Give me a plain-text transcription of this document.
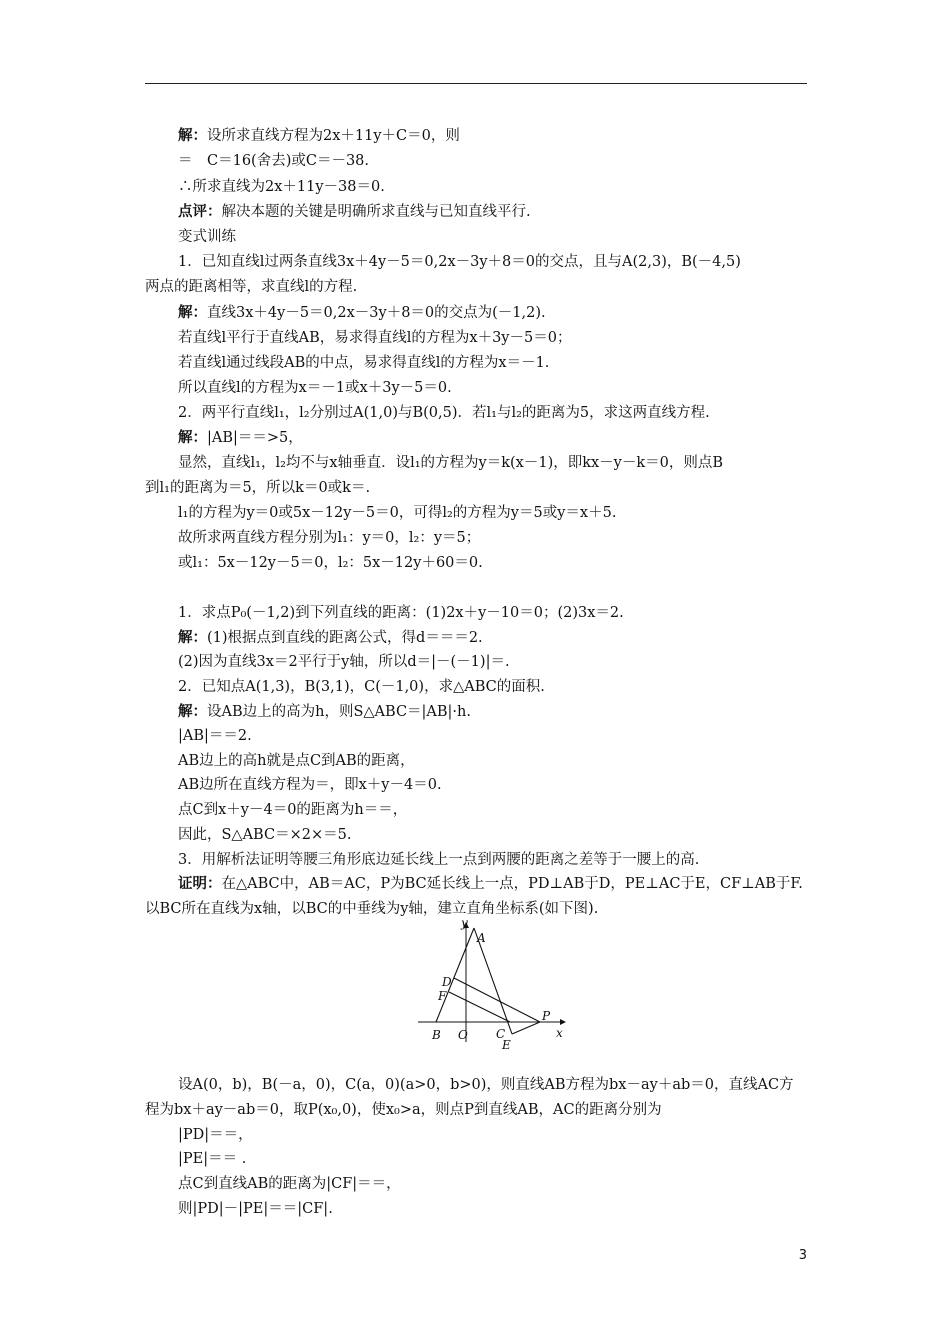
解：设所求直线方程为2x＋11y＋C＝0，则
＝　C＝16(舍去)或C＝－38.
∴所求直线为2x＋11y－38＝0.
点评：解决本题的关键是明确所求直线与已知直线平行.
变式训练
1．已知直线l过两条直线3x＋4y－5＝0,2x－3y＋8＝0的交点，且与A(2,3)，B(－4,5)
两点的距离相等，求直线l的方程.
解：直线3x＋4y－5＝0,2x－3y＋8＝0的交点为(－1,2).
若直线l平行于直线AB，易求得直线l的方程为x＋3y－5＝0；
若直线l通过线段AB的中点，易求得直线l的方程为x＝－1.
所以直线l的方程为x＝－1或x＋3y－5＝0.
2．两平行直线l₁，l₂分别过A(1,0)与B(0,5)．若l₁与l₂的距离为5，求这两直线方程.
解：|AB|＝＝>5，
显然，直线l₁，l₂均不与x轴垂直．设l₁的方程为y＝k(x－1)，即kx－y－k＝0，则点B
到l₁的距离为＝5，所以k＝0或k＝.
l₁的方程为y＝0或5x－12y－5＝0，可得l₂的方程为y＝5或y＝x＋5.
故所求两直线方程分别为l₁：y＝0，l₂：y＝5；
或l₁：5x－12y－5＝0，l₂：5x－12y＋60＝0.
1．求点P₀(－1,2)到下列直线的距离：(1)2x＋y－10＝0；(2)3x＝2.
解：(1)根据点到直线的距离公式，得d＝＝＝2.
(2)因为直线3x＝2平行于y轴，所以d＝|－(－1)|＝.
2．已知点A(1,3)，B(3,1)，C(－1,0)，求△ABC的面积.
解：设AB边上的高为h，则S△ABC＝|AB|·h.
|AB|＝＝2.
AB边上的高h就是点C到AB的距离，
AB边所在直线方程为＝，即x＋y－4＝0.
点C到x＋y－4＝0的距离为h＝＝，
因此，S△ABC＝×2×＝5.
3．用解析法证明等腰三角形底边延长线上一点到两腰的距离之差等于一腰上的高.
证明：在△ABC中，AB＝AC，P为BC延长线上一点，PD⊥AB于D，PE⊥AC于E，CF⊥AB于F.
以BC所在直线为x轴，以BC的中垂线为y轴，建立直角坐标系(如下图).
设A(0，b)，B(－a，0)，C(a，0)(a>0，b>0)，则直线AB方程为bx－ay＋ab＝0，直线AC方
程为bx＋ay－ab＝0，取P(x₀,0)，使x₀>a，则点P到直线AB，AC的距离分别为
|PD|＝＝，
|PE|＝＝ .
点C到直线AB的距离为|CF|＝＝，
则|PD|－|PE|＝＝|CF|.
y
A
D
F
B O C
E
P
x
3
